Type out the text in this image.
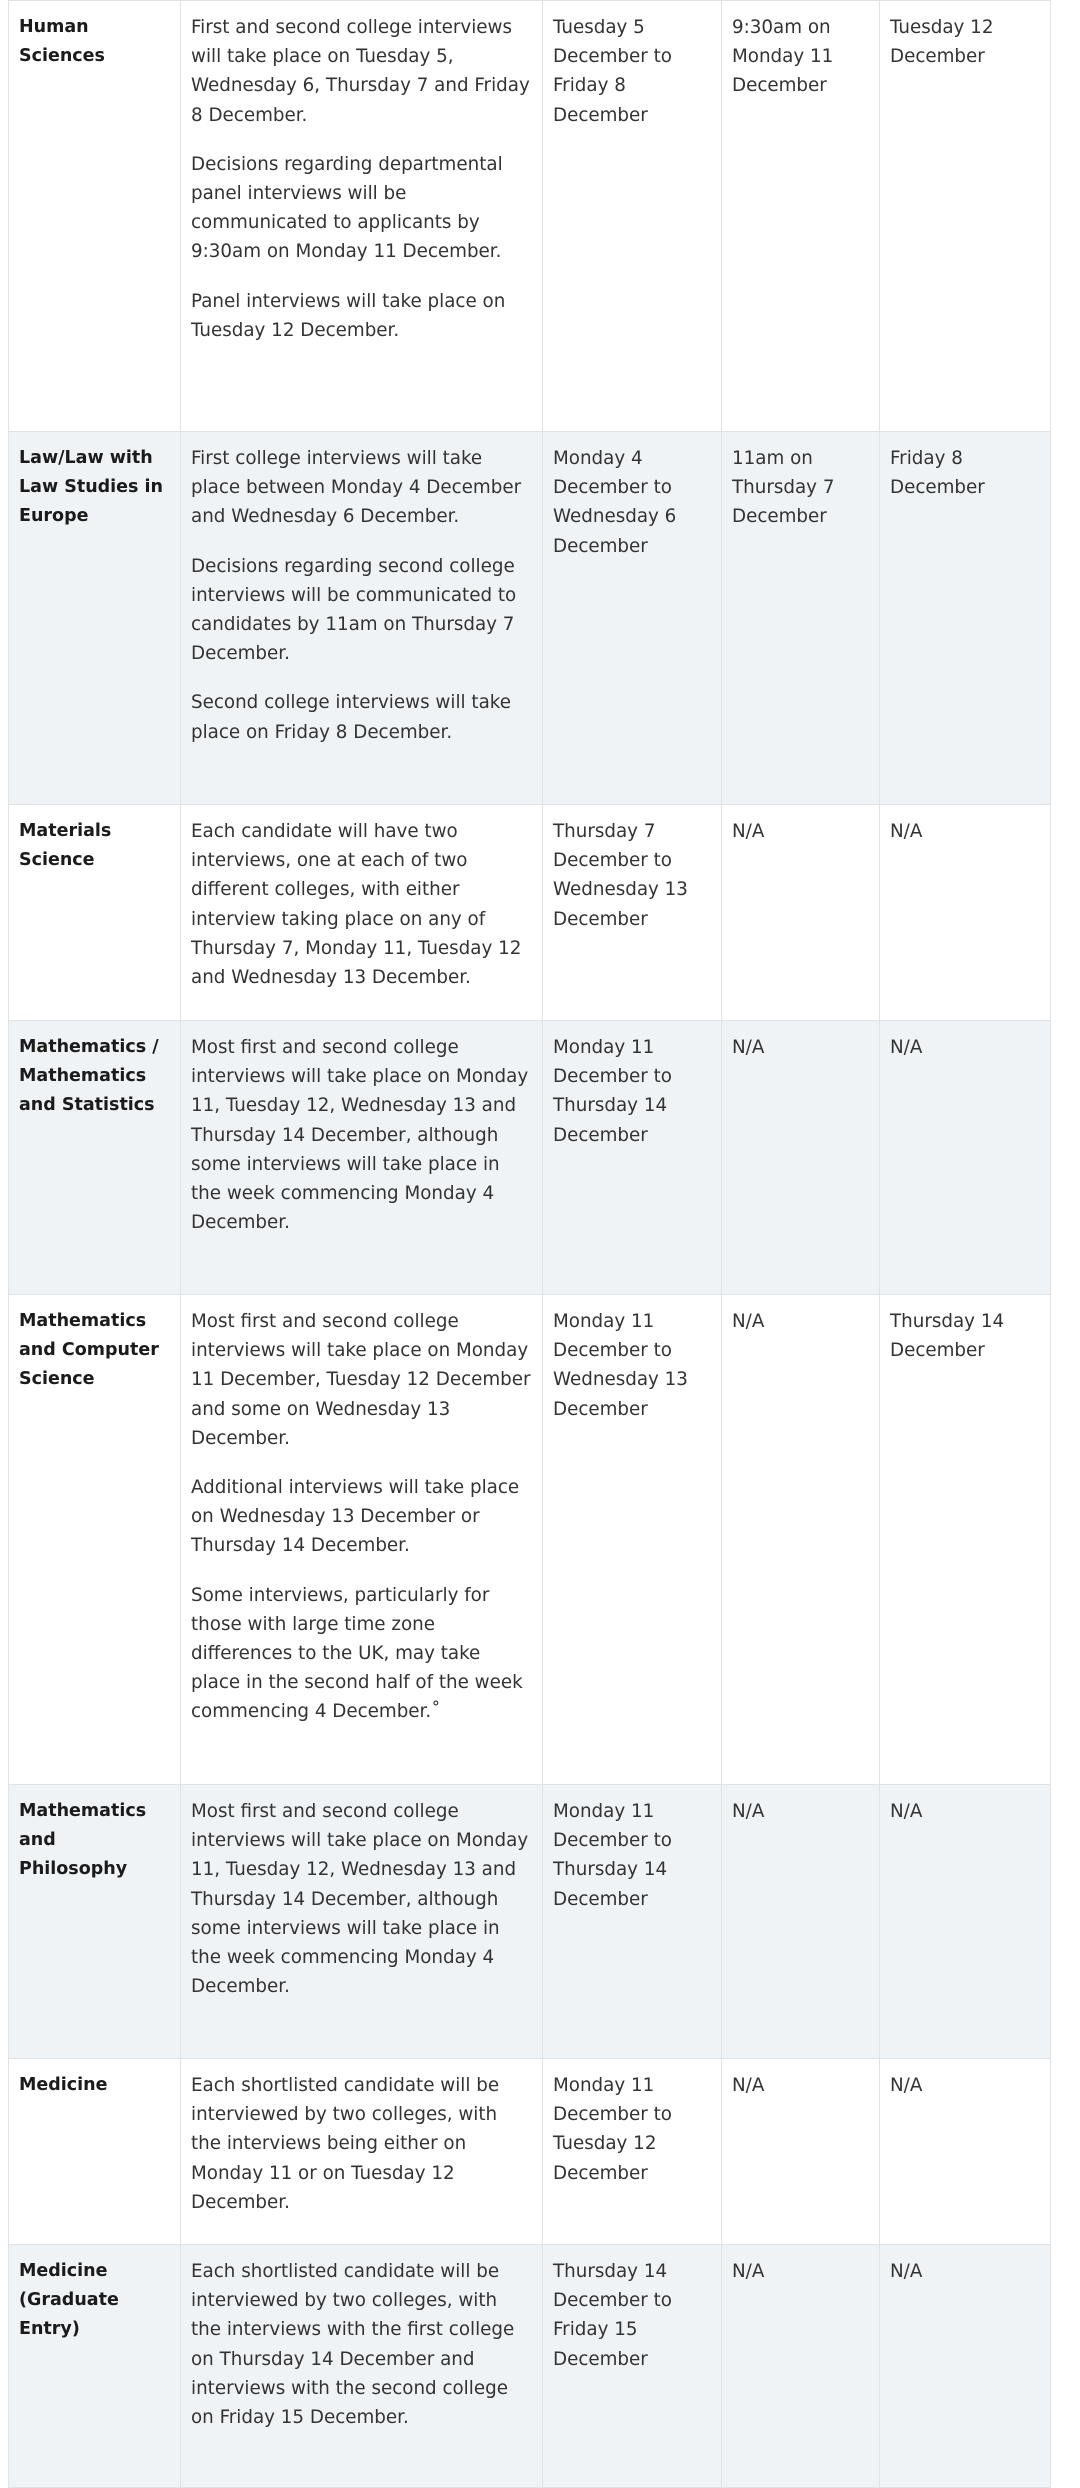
Human Sciences	First and second college interviews will take place on Tuesday 5, Wednesday 6, Thursday 7 and Friday 8 December.

Decisions regarding departmental panel interviews will be communicated to applicants by 9:30am on Monday 11 December.

Panel interviews will take place on Tuesday 12 December.	Tuesday 5 December to Friday 8 December	9:30am on Monday 11 December	Tuesday 12 December
Law/Law with Law Studies in Europe	First college interviews will take place between Monday 4 December and Wednesday 6 December.

Decisions regarding second college interviews will be communicated to candidates by 11am on Thursday 7 December.

Second college interviews will take place on Friday 8 December.	Monday 4 December to Wednesday 6 December	11am on Thursday 7 December	Friday 8 December
Materials Science	Each candidate will have two interviews, one at each of two different colleges, with either interview taking place on any of Thursday 7, Monday 11, Tuesday 12 and Wednesday 13 December.	Thursday 7 December to Wednesday 13 December	N/A	N/A
Mathematics / Mathematics and Statistics	Most first and second college interviews will take place on Monday 11, Tuesday 12, Wednesday 13 and Thursday 14 December, although some interviews will take place in the week commencing Monday 4 December.	Monday 11 December to Thursday 14 December	N/A	N/A
Mathematics and Computer Science	Most first and second college interviews will take place on Monday 11 December, Tuesday 12 December and some on Wednesday 13 December.

Additional interviews will take place on Wednesday 13 December or Thursday 14 December.

Some interviews, particularly for those with large time zone differences to the UK, may take place in the second half of the week commencing 4 December.˚	Monday 11 December to Wednesday 13 December	N/A	Thursday 14 December
Mathematics and Philosophy	Most first and second college interviews will take place on Monday 11, Tuesday 12, Wednesday 13 and Thursday 14 December, although some interviews will take place in the week commencing Monday 4 December.	Monday 11 December to Thursday 14 December	N/A	N/A
Medicine	Each shortlisted candidate will be interviewed by two colleges, with the interviews being either on Monday 11 or on Tuesday 12 December.	Monday 11 December to Tuesday 12 December	N/A	N/A
Medicine (Graduate Entry)	Each shortlisted candidate will be interviewed by two colleges, with the interviews with the first college on Thursday 14 December and interviews with the second college on Friday 15 December.	Thursday 14 December to Friday 15 December	N/A	N/A
